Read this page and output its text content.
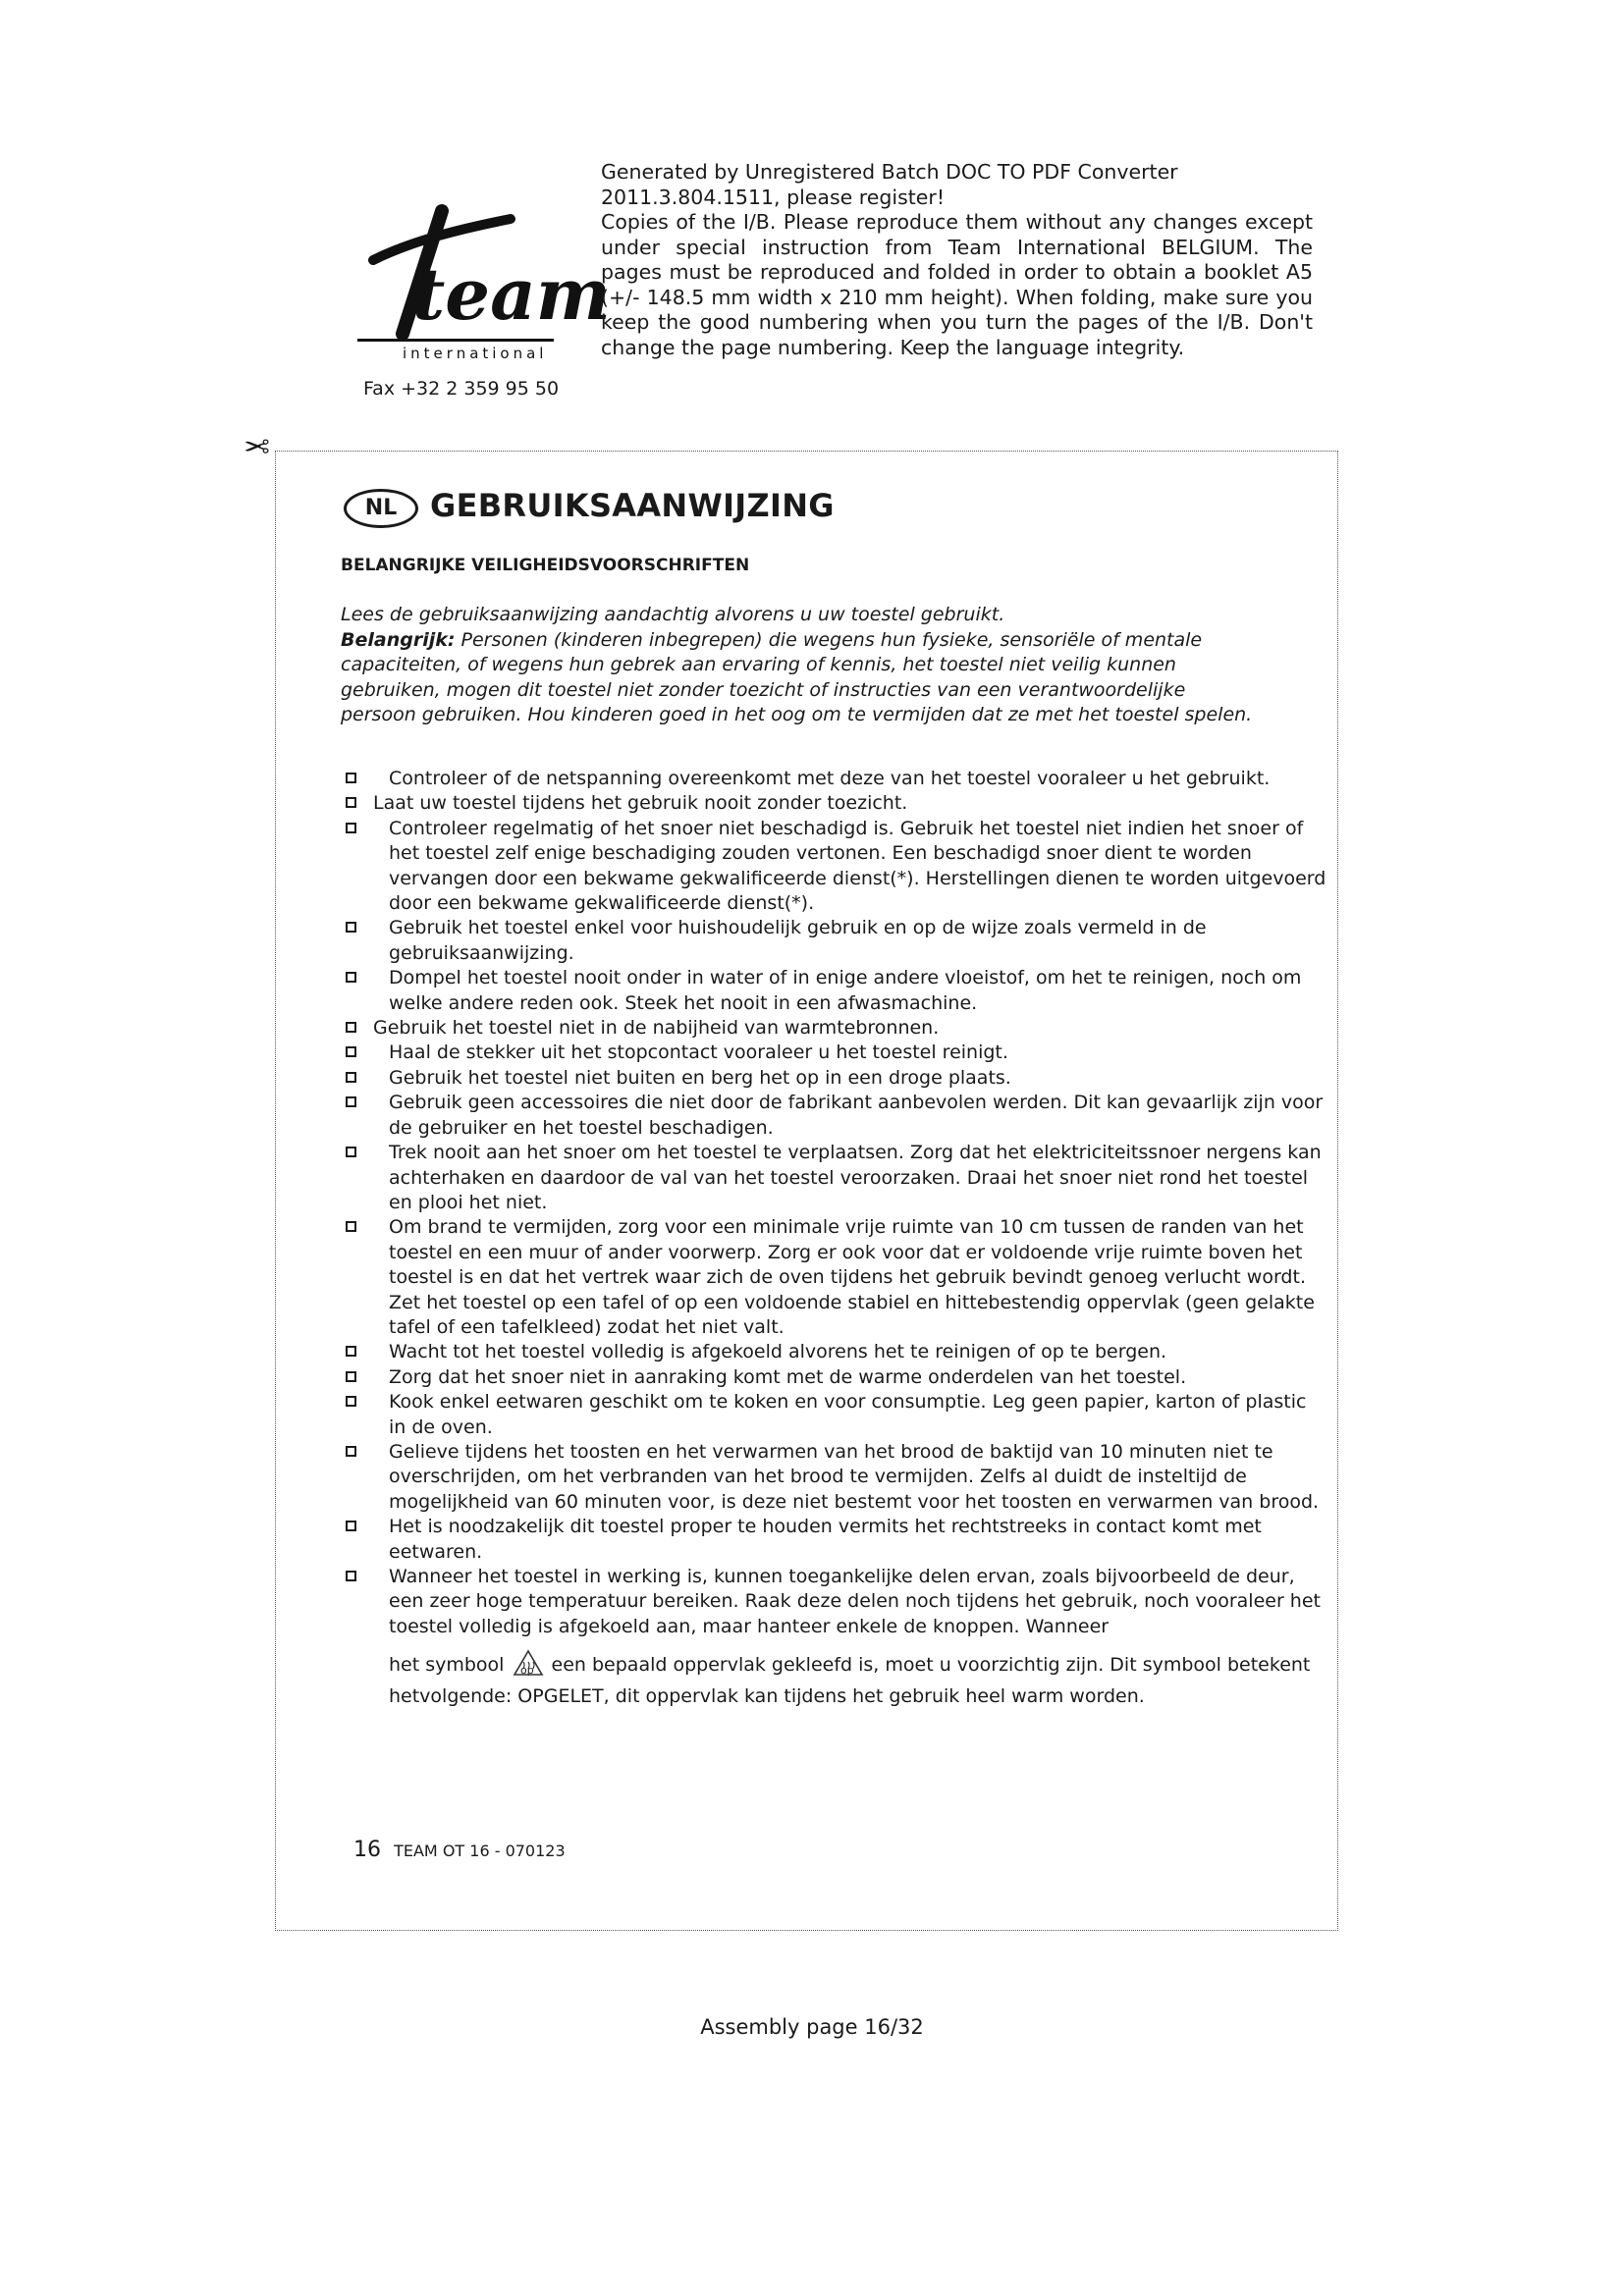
team
international
Fax +32 2 359 95 50

Generated by Unregistered Batch DOC TO PDF Converter

2011.3.804.1511, please register!

Copies of the I/B. Please reproduce them without any changes except under special instruction from Team International BELGIUM. The pages must be reproduced and folded in order to obtain a booklet A5 (+/- 148.5 mm width x 210 mm height). When folding, make sure you keep the good numbering when you turn the pages of the I/B. Don't change the page numbering. Keep the language integrity.

✂
NL	GEBRUIKSAANWIJZING
BELANGRIJKE VEILIGHEIDSVOORSCHRIFTEN

Lees de gebruiksaanwijzing aandachtig alvorens u uw toestel gebruikt.

Belangrijk: Personen (kinderen inbegrepen) die wegens hun fysieke, sensoriële of mentale capaciteiten, of wegens hun gebrek aan ervaring of kennis, het toestel niet veilig kunnen gebruiken, mogen dit toestel niet zonder toezicht of instructies van een verantwoordelijke persoon gebruiken. Hou kinderen goed in het oog om te vermijden dat ze met het toestel spelen.

Controleer of de netspanning overeenkomt met deze van het toestel vooraleer u het gebruikt.
Laat uw toestel tijdens het gebruik nooit zonder toezicht.
Controleer regelmatig of het snoer niet beschadigd is. Gebruik het toestel niet indien het snoer of het toestel zelf enige beschadiging zouden vertonen. Een beschadigd snoer dient te worden vervangen door een bekwame gekwalificeerde dienst(*). Herstellingen dienen te worden uitgevoerd door een bekwame gekwalificeerde dienst(*).
Gebruik het toestel enkel voor huishoudelijk gebruik en op de wijze zoals vermeld in de gebruiksaanwijzing.
Dompel het toestel nooit onder in water of in enige andere vloeistof, om het te reinigen, noch om welke andere reden ook. Steek het nooit in een afwasmachine.
Gebruik het toestel niet in de nabijheid van warmtebronnen.
Haal de stekker uit het stopcontact vooraleer u het toestel reinigt.
Gebruik het toestel niet buiten en berg het op in een droge plaats.
Gebruik geen accessoires die niet door de fabrikant aanbevolen werden. Dit kan gevaarlijk zijn voor de gebruiker en het toestel beschadigen.
Trek nooit aan het snoer om het toestel te verplaatsen. Zorg dat het elektriciteitssnoer nergens kan achterhaken en daardoor de val van het toestel veroorzaken. Draai het snoer niet rond het toestel en plooi het niet.
Om brand te vermijden, zorg voor een minimale vrije ruimte van 10 cm tussen de randen van het toestel en een muur of ander voorwerp. Zorg er ook voor dat er voldoende vrije ruimte boven het toestel is en dat het vertrek waar zich de oven tijdens het gebruik bevindt genoeg verlucht wordt. Zet het toestel op een tafel of op een voldoende stabiel en hittebestendig oppervlak (geen gelakte tafel of een tafelkleed) zodat het niet valt.
Wacht tot het toestel volledig is afgekoeld alvorens het te reinigen of op te bergen.
Zorg dat het snoer niet in aanraking komt met de warme onderdelen van het toestel.
Kook enkel eetwaren geschikt om te koken en voor consumptie. Leg geen papier, karton of plastic in de oven.
Gelieve tijdens het toosten en het verwarmen van het brood de baktijd van 10 minuten niet te overschrijden, om het verbranden van het brood te vermijden. Zelfs al duidt de insteltijd de mogelijkheid van 60 minuten voor, is deze niet bestemt voor het toosten en verwarmen van brood.
Het is noodzakelijk dit toestel proper te houden vermits het rechtstreeks in contact komt met eetwaren.
Wanneer het toestel in werking is, kunnen toegankelijke delen ervan, zoals bijvoorbeeld de deur, een zeer hoge temperatuur bereiken. Raak deze delen noch tijdens het gebruik, noch vooraleer het toestel volledig is afgekoeld aan, maar hanteer enkele de knoppen. Wanneer
het symbool op een bepaald oppervlak gekleefd is, moet u voorzichtig zijn. Dit symbool betekent hetvolgende: OPGELET, dit oppervlak kan tijdens het gebruik heel warm worden.
16 TEAM OT 16 - 070123
Assembly page 16/32
